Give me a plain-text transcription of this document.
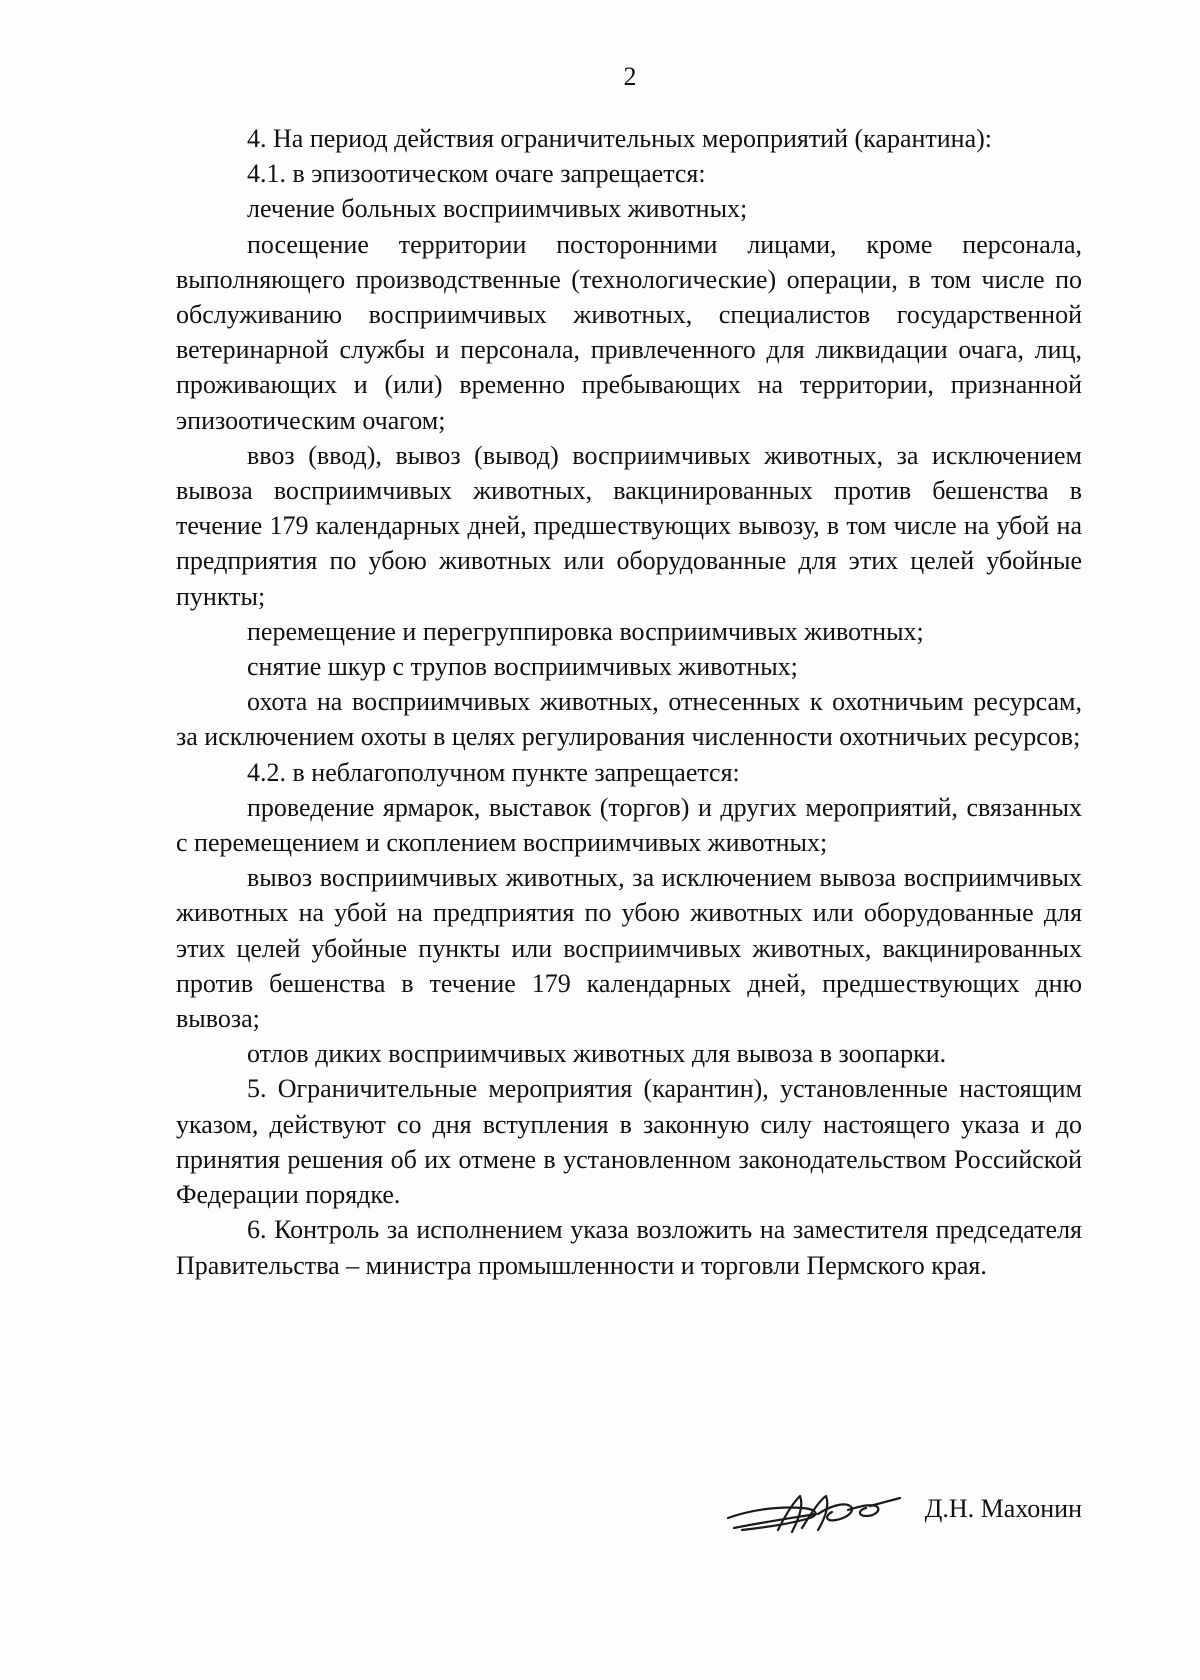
2

4. На период действия ограничительных мероприятий (карантина):

4.1. в эпизоотическом очаге запрещается:

лечение больных восприимчивых животных;

посещение территории посторонними лицами, кроме персонала, выполняющего производственные (технологические) операции, в том числе по обслуживанию восприимчивых животных, специалистов государственной ветеринарной службы и персонала, привлеченного для ликвидации очага, лиц, проживающих и (или) временно пребывающих на территории, признанной эпизоотическим очагом;

ввоз (ввод), вывоз (вывод) восприимчивых животных, за исключением вывоза восприимчивых животных, вакцинированных против бешенства в течение 179 календарных дней, предшествующих вывозу, в том числе на убой на предприятия по убою животных или оборудованные для этих целей убойные пункты;

перемещение и перегруппировка восприимчивых животных;

снятие шкур с трупов восприимчивых животных;

охота на восприимчивых животных, отнесенных к охотничьим ресурсам, за исключением охоты в целях регулирования численности охотничьих ресурсов;

4.2. в неблагополучном пункте запрещается:

проведение ярмарок, выставок (торгов) и других мероприятий, связанных с перемещением и скоплением восприимчивых животных;

вывоз восприимчивых животных, за исключением вывоза восприимчивых животных на убой на предприятия по убою животных или оборудованные для этих целей убойные пункты или восприимчивых животных, вакцинированных против бешенства в течение 179 календарных дней, предшествующих дню вывоза;

отлов диких восприимчивых животных для вывоза в зоопарки.

5. Ограничительные мероприятия (карантин), установленные настоящим указом, действуют со дня вступления в законную силу настоящего указа и до принятия решения об их отмене в установленном законодательством Российской Федерации порядке.

6. Контроль за исполнением указа возложить на заместителя председателя Правительства – министра промышленности и торговли Пермского края.

Д.Н. Махонин
